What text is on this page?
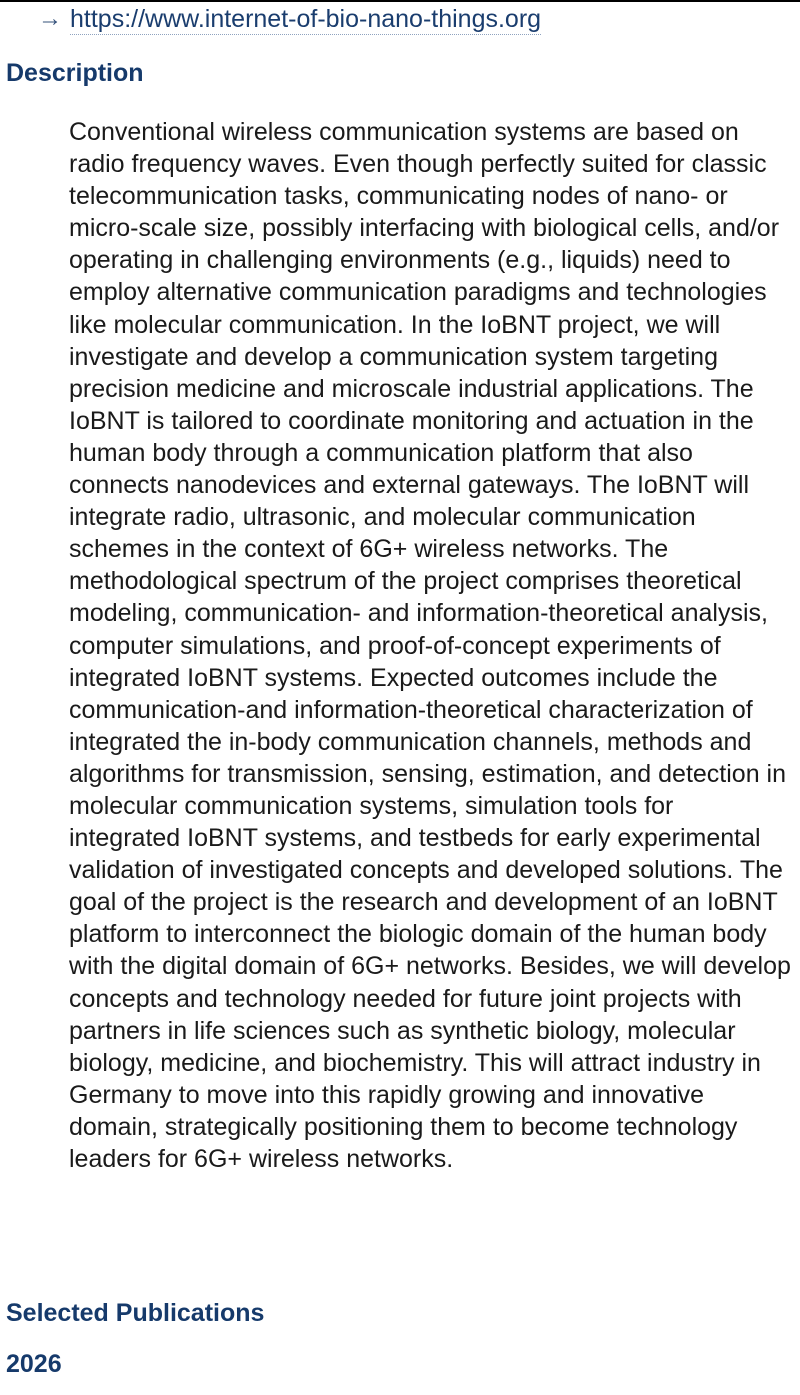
→ https://www.internet-of-bio-nano-things.org
Description

Conventional wireless communication systems are based on radio frequency waves. Even though perfectly suited for classic telecommunication tasks, communicating nodes of nano- or micro-scale size, possibly interfacing with biological cells, and/or operating in challenging environments (e.g., liquids) need to employ alternative communication paradigms and technologies like molecular communication. In the IoBNT project, we will investigate and develop a communication system targeting precision medicine and microscale industrial applications. The IoBNT is tailored to coordinate monitoring and actuation in the human body through a communication platform that also connects nanodevices and external gateways. The IoBNT will integrate radio, ultrasonic, and molecular communication schemes in the context of 6G+ wireless networks. The methodological spectrum of the project comprises theoretical modeling, communication- and information-theoretical analysis, computer simulations, and proof-of-concept experiments of integrated IoBNT systems. Expected outcomes include the communication-and information-theoretical characterization of integrated the in-body communication channels, methods and algorithms for transmission, sensing, estimation, and detection in molecular communication systems, simulation tools for integrated IoBNT systems, and testbeds for early experimental validation of investigated concepts and developed solutions. The goal of the project is the research and development of an IoBNT platform to interconnect the biologic domain of the human body with the digital domain of 6G+ networks. Besides, we will develop concepts and technology needed for future joint projects with partners in life sciences such as synthetic biology, molecular biology, medicine, and biochemistry. This will attract industry in Germany to move into this rapidly growing and innovative domain, strategically positioning them to become technology leaders for 6G+ wireless networks.

Selected Publications
2026
